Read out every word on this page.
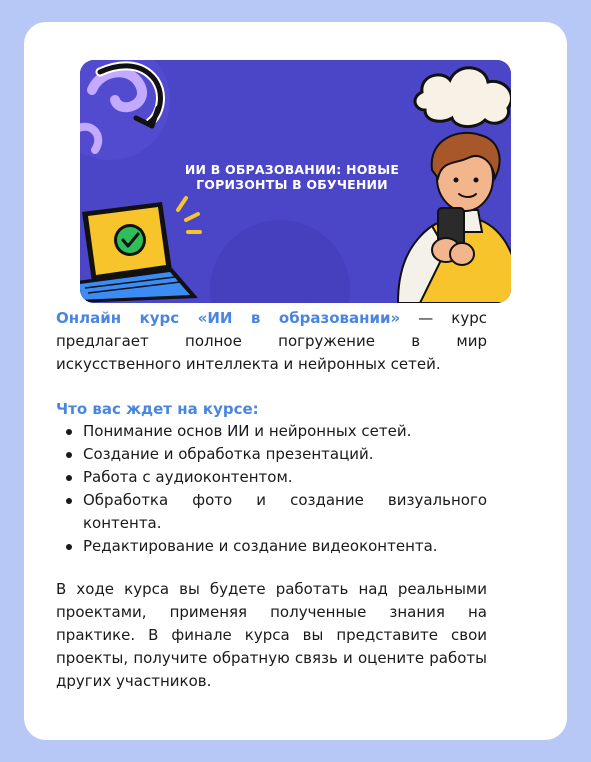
ИИ В ОБРАЗОВАНИИ: НОВЫЕ ГОРИЗОНТЫ В ОБУЧЕНИИ
Онлайн курс «ИИ в образовании» — курс предлагает полное погружение в мир искусственного интеллекта и нейронных сетей.
Что вас ждет на курсе:
Понимание основ ИИ и нейронных сетей.
Создание и обработка презентаций.
Работа с аудиоконтентом.
Обработка фото и создание визуального контента.
Редактирование и создание видеоконтента.
В ходе курса вы будете работать над реальными проектами, применяя полученные знания на практике. В финале курса вы представите свои проекты, получите обратную связь и оцените работы других участников.
